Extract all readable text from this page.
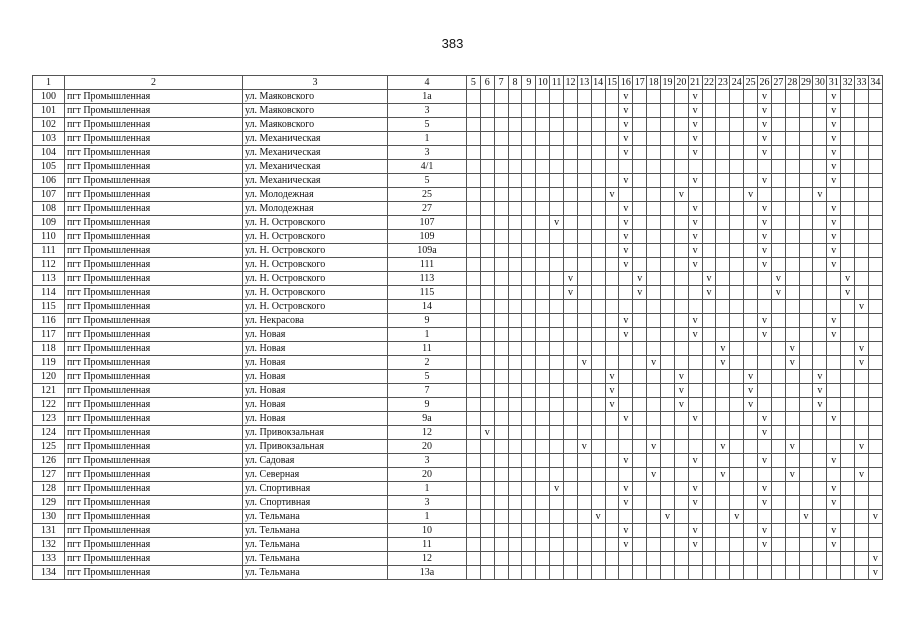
383
1	2	3	4	5	6	7	8	9	10	11	12	13	14	15	16	17	18	19	20	21	22	23	24	25	26	27	28	29	30	31	32	33	34
100	пгт Промышленная	ул. Маяковского	1а												v					v					v					v			
101	пгт Промышленная	ул. Маяковского	3												v					v					v					v			
102	пгт Промышленная	ул. Маяковского	5												v					v					v					v			
103	пгт Промышленная	ул. Механическая	1												v					v					v					v			
104	пгт Промышленная	ул. Механическая	3												v					v					v					v			
105	пгт Промышленная	ул. Механическая	4/1																											v			
106	пгт Промышленная	ул. Механическая	5												v					v					v					v			
107	пгт Промышленная	ул. Молодежная	25											v					v					v					v				
108	пгт Промышленная	ул. Молодежная	27												v					v					v					v			
109	пгт Промышленная	ул. Н. Островского	107							v					v					v					v					v			
110	пгт Промышленная	ул. Н. Островского	109												v					v					v					v			
111	пгт Промышленная	ул. Н. Островского	109а												v					v					v					v			
112	пгт Промышленная	ул. Н. Островского	111												v					v					v					v			
113	пгт Промышленная	ул. Н. Островского	113								v					v					v					v					v		
114	пгт Промышленная	ул. Н. Островского	115								v					v					v					v					v		
115	пгт Промышленная	ул. Н. Островского	14																													v	
116	пгт Промышленная	ул. Некрасова	9												v					v					v					v			
117	пгт Промышленная	ул. Новая	1												v					v					v					v			
118	пгт Промышленная	ул. Новая	11																			v					v					v	
119	пгт Промышленная	ул. Новая	2									v					v					v					v					v	
120	пгт Промышленная	ул. Новая	5											v					v					v					v				
121	пгт Промышленная	ул. Новая	7											v					v					v					v				
122	пгт Промышленная	ул. Новая	9											v					v					v					v				
123	пгт Промышленная	ул. Новая	9а												v					v					v					v			
124	пгт Промышленная	ул. Привокзальная	12		v																				v								
125	пгт Промышленная	ул. Привокзальная	20									v					v					v					v					v	
126	пгт Промышленная	ул. Садовая	3												v					v					v					v			
127	пгт Промышленная	ул. Северная	20														v					v					v					v	
128	пгт Промышленная	ул. Спортивная	1							v					v					v					v					v			
129	пгт Промышленная	ул. Спортивная	3												v					v					v					v			
130	пгт Промышленная	ул. Тельмана	1										v					v					v					v					v
131	пгт Промышленная	ул. Тельмана	10												v					v					v					v			
132	пгт Промышленная	ул. Тельмана	11												v					v					v					v			
133	пгт Промышленная	ул. Тельмана	12																														v
134	пгт Промышленная	ул. Тельмана	13а																														v
